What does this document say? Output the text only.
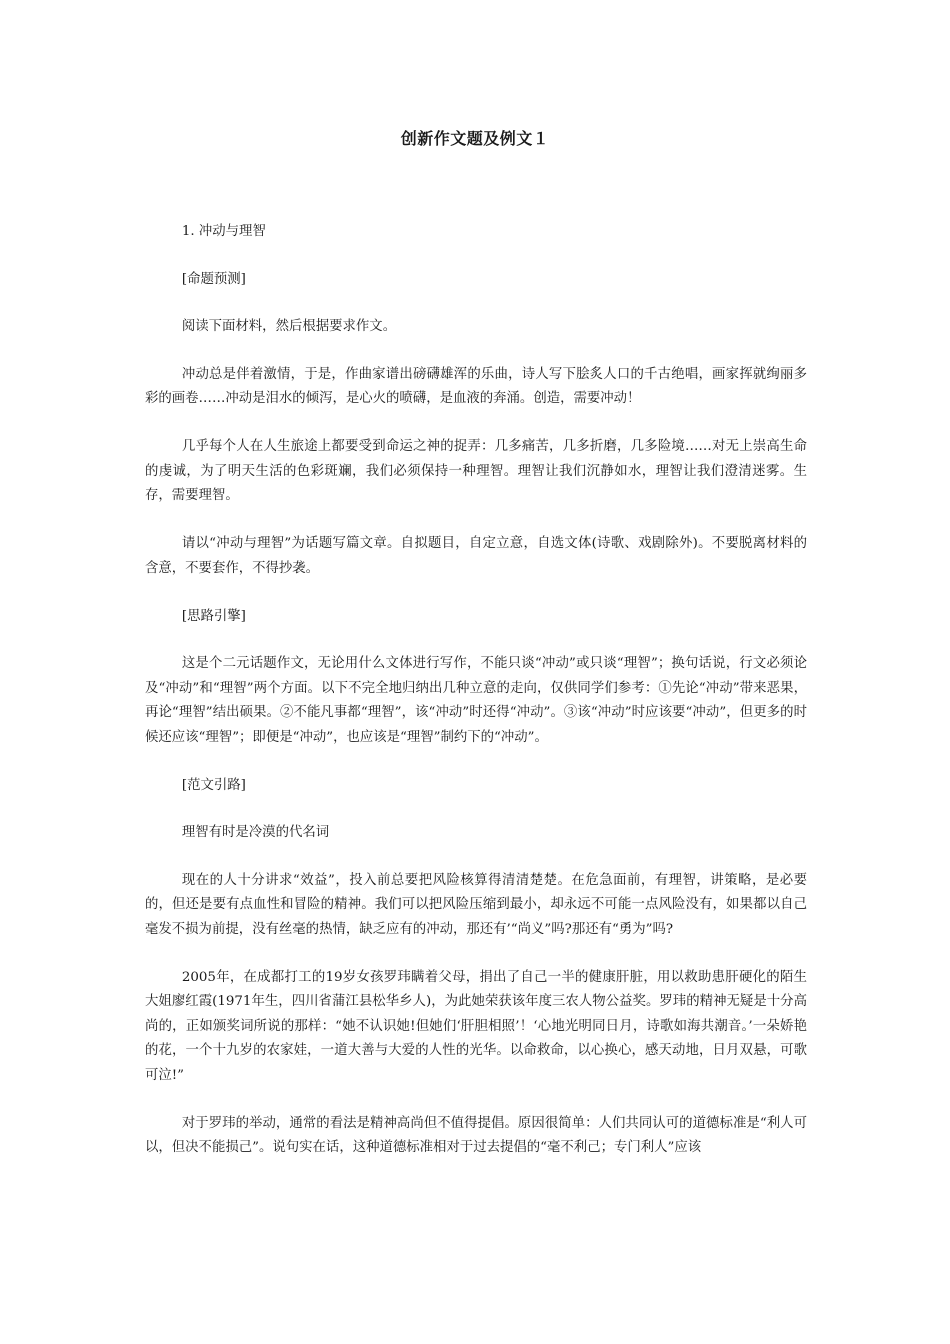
创新作文题及例文１

1. 冲动与理智

[命题预测]

阅读下面材料，然后根据要求作文。

冲动总是伴着激情，于是，作曲家谱出磅礴雄浑的乐曲，诗人写下脍炙人口的千古绝唱，画家挥就绚丽多彩的画卷……冲动是泪水的倾泻，是心火的喷礴，是血液的奔涌。创造，需要冲动！

几乎每个人在人生旅途上都要受到命运之神的捉弄：几多痛苦，几多折磨，几多险境……对无上崇高生命的虔诚，为了明天生活的色彩斑斓，我们必须保持一种理智。理智让我们沉静如水，理智让我们澄清迷雾。生存，需要理智。

请以“冲动与理智”为话题写篇文章。自拟题目，自定立意，自选文体(诗歌、戏剧除外)。不要脱离材料的含意，不要套作，不得抄袭。

[思路引擎]

这是个二元话题作文，无论用什么文体进行写作，不能只谈“冲动”或只谈“理智”；换句话说，行文必须论及“冲动”和“理智”两个方面。以下不完全地归纳出几种立意的走向，仅供同学们参考：①先论“冲动”带来恶果，再论“理智”结出硕果。②不能凡事都“理智”，该“冲动”时还得“冲动”。③该“冲动”时应该要“冲动”，但更多的时候还应该“理智”；即便是“冲动”，也应该是“理智”制约下的“冲动”。

[范文引路]

理智有时是冷漠的代名词

现在的人十分讲求“效益”，投入前总要把风险核算得清清楚楚。在危急面前，有理智，讲策略，是必要的，但还是要有点血性和冒险的精神。我们可以把风险压缩到最小，却永远不可能一点风险没有，如果都以自己毫发不损为前提，没有丝毫的热情，缺乏应有的冲动，那还有’“尚义”吗?那还有“勇为”吗?

2005年，在成都打工的19岁女孩罗玮瞒着父母，捐出了自己一半的健康肝脏，用以救助患肝硬化的陌生大姐廖红霞(1971年生，四川省蒲江县松华乡人)，为此她荣获该年度三农人物公益奖。罗玮的精神无疑是十分高尚的，正如颁奖词所说的那样：“她不认识她!但她们‘肝胆相照’！‘心地光明同日月，诗歌如海共潮音。’一朵娇艳的花，一个十九岁的农家娃，一道大善与大爱的人性的光华。以命救命，以心换心，感天动地，日月双悬，可歌可泣!”

对于罗玮的举动，通常的看法是精神高尚但不值得提倡。原因很简单：人们共同认可的道德标准是“利人可以，但决不能损己”。说句实在话，这种道德标准相对于过去提倡的“毫不利己；专门利人”应该
